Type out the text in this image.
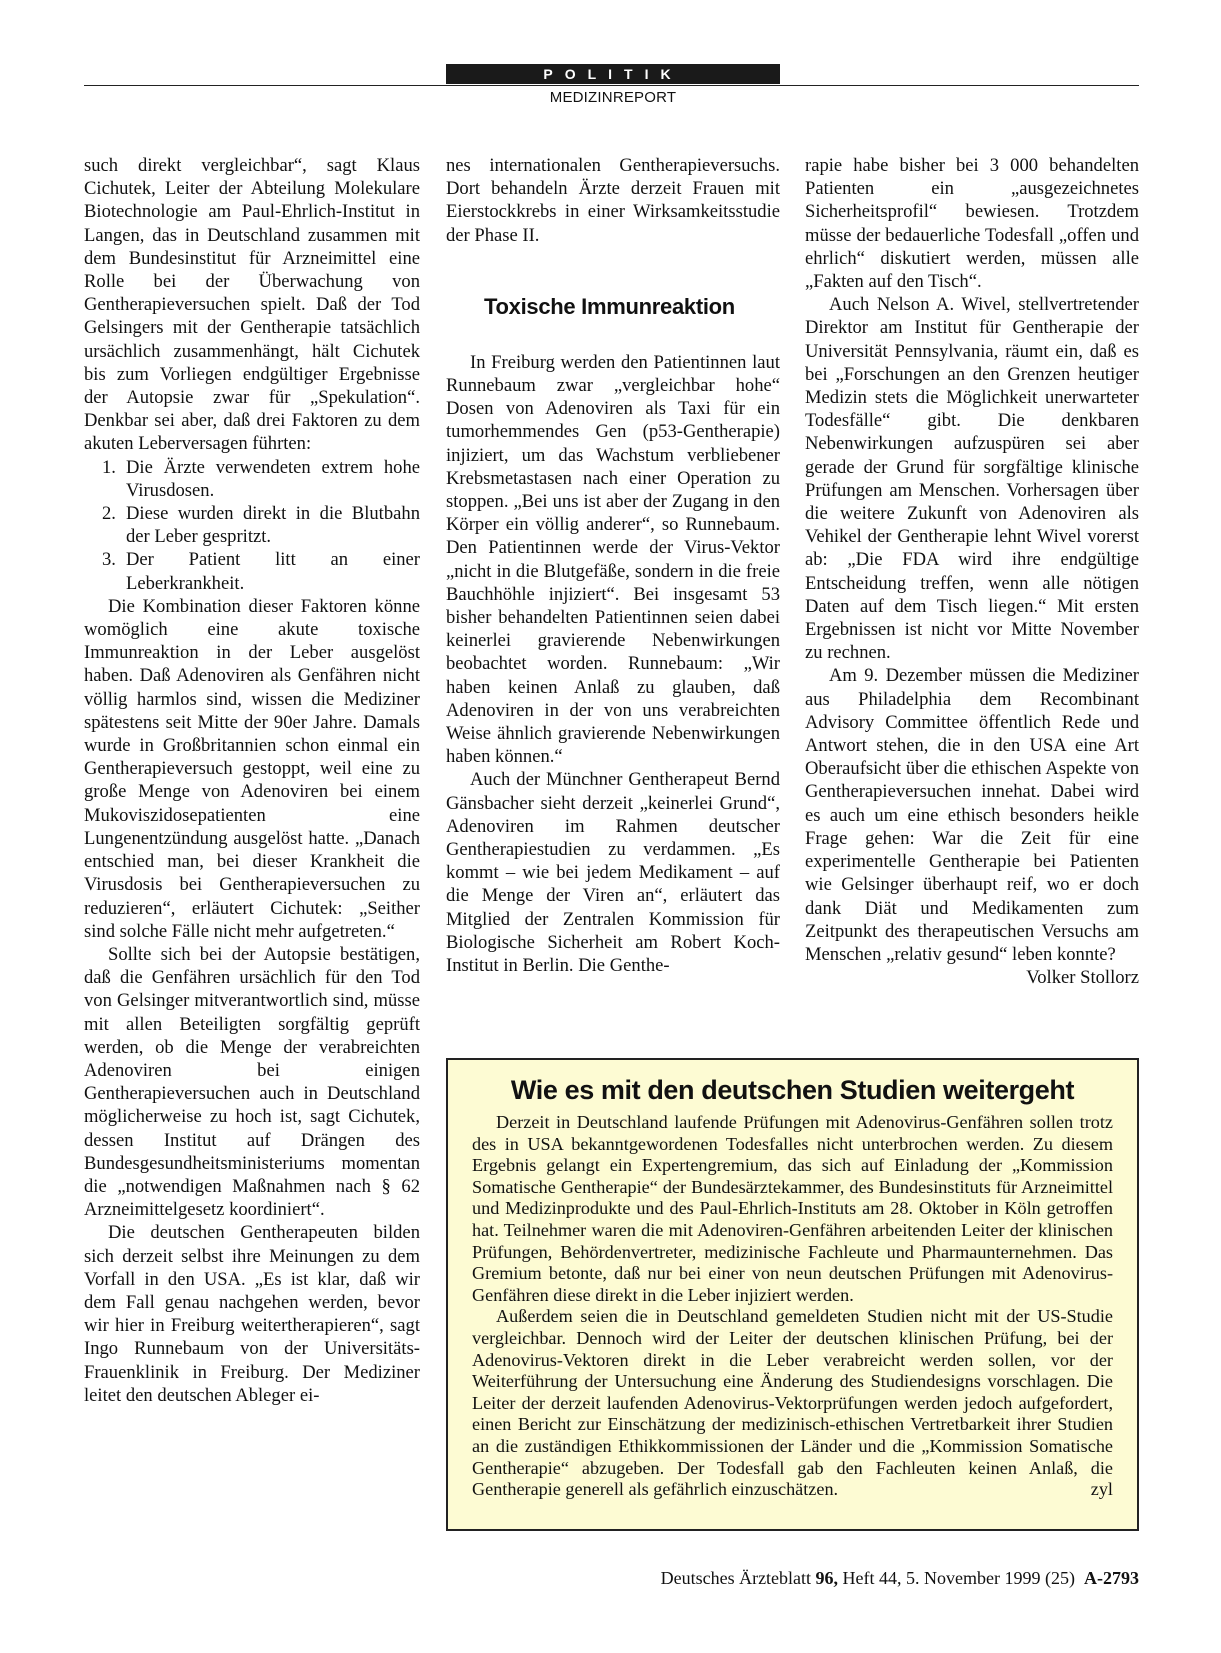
POLITIK
MEDIZINREPORT

such direkt vergleichbar“, sagt Klaus Cichutek, Leiter der Abteilung Molekulare Biotechnologie am Paul-Ehrlich-Institut in Langen, das in Deutschland zusammen mit dem Bundesinstitut für Arzneimittel eine Rolle bei der Überwachung von Gentherapieversuchen spielt. Daß der Tod Gelsingers mit der Gentherapie tatsächlich ursächlich zusammenhängt, hält Cichutek bis zum Vorliegen endgültiger Ergebnisse der Autopsie zwar für „Spekulation“. Denkbar sei aber, daß drei Faktoren zu dem akuten Leberversagen führten:

1. Die Ärzte verwendeten extrem hohe Virusdosen.
2. Diese wurden direkt in die Blutbahn der Leber gespritzt.
3. Der Patient litt an einer Leberkrankheit.

Die Kombination dieser Faktoren könne womöglich eine akute toxische Immunreaktion in der Leber ausgelöst haben. Daß Adenoviren als Genfähren nicht völlig harmlos sind, wissen die Mediziner spätestens seit Mitte der 90er Jahre. Damals wurde in Großbritannien schon einmal ein Gentherapieversuch gestoppt, weil eine zu große Menge von Adenoviren bei einem Mukoviszidosepatienten eine Lungenentzündung ausgelöst hatte. „Danach entschied man, bei dieser Krankheit die Virusdosis bei Gentherapieversuchen zu reduzieren“, erläutert Cichutek: „Seither sind solche Fälle nicht mehr aufgetreten.“

Sollte sich bei der Autopsie bestätigen, daß die Genfähren ursächlich für den Tod von Gelsinger mitverantwortlich sind, müsse mit allen Beteiligten sorgfältig geprüft werden, ob die Menge der verabreichten Adenoviren bei einigen Gentherapieversuchen auch in Deutschland möglicherweise zu hoch ist, sagt Cichutek, dessen Institut auf Drängen des Bundesgesundheitsministeriums momentan die „notwendigen Maßnahmen nach § 62 Arzneimittelgesetz koordiniert“.

Die deutschen Gentherapeuten bilden sich derzeit selbst ihre Meinungen zu dem Vorfall in den USA. „Es ist klar, daß wir dem Fall genau nachgehen werden, bevor wir hier in Freiburg weitertherapieren“, sagt Ingo Runnebaum von der Universitäts-Frauenklinik in Freiburg. Der Mediziner leitet den deutschen Ableger ei-

nes internationalen Gentherapieversuchs. Dort behandeln Ärzte derzeit Frauen mit Eierstockkrebs in einer Wirksamkeitsstudie der Phase II.

Toxische Immunreaktion

In Freiburg werden den Patientinnen laut Runnebaum zwar „vergleichbar hohe“ Dosen von Adenoviren als Taxi für ein tumorhemmendes Gen (p53-Gentherapie) injiziert, um das Wachstum verbliebener Krebsmetastasen nach einer Operation zu stoppen. „Bei uns ist aber der Zugang in den Körper ein völlig anderer“, so Runnebaum. Den Patientinnen werde der Virus-Vektor „nicht in die Blutgefäße, sondern in die freie Bauchhöhle injiziert“. Bei insgesamt 53 bisher behandelten Patientinnen seien dabei keinerlei gravierende Nebenwirkungen beobachtet worden. Runnebaum: „Wir haben keinen Anlaß zu glauben, daß Adenoviren in der von uns verabreichten Weise ähnlich gravierende Nebenwirkungen haben können.“

Auch der Münchner Gentherapeut Bernd Gänsbacher sieht derzeit „keinerlei Grund“, Adenoviren im Rahmen deutscher Gentherapiestudien zu verdammen. „Es kommt – wie bei jedem Medikament – auf die Menge der Viren an“, erläutert das Mitglied der Zentralen Kommission für Biologische Sicherheit am Robert Koch-Institut in Berlin. Die Genthe-

rapie habe bisher bei 3 000 behandelten Patienten ein „ausgezeichnetes Sicherheitsprofil“ bewiesen. Trotzdem müsse der bedauerliche Todesfall „offen und ehrlich“ diskutiert werden, müssen alle „Fakten auf den Tisch“.

Auch Nelson A. Wivel, stellvertretender Direktor am Institut für Gentherapie der Universität Pennsylvania, räumt ein, daß es bei „Forschungen an den Grenzen heutiger Medizin stets die Möglichkeit unerwarteter Todesfälle“ gibt. Die denkbaren Nebenwirkungen aufzuspüren sei aber gerade der Grund für sorgfältige klinische Prüfungen am Menschen. Vorhersagen über die weitere Zukunft von Adenoviren als Vehikel der Gentherapie lehnt Wivel vorerst ab: „Die FDA wird ihre endgültige Entscheidung treffen, wenn alle nötigen Daten auf dem Tisch liegen.“ Mit ersten Ergebnissen ist nicht vor Mitte November zu rechnen.

Am 9. Dezember müssen die Mediziner aus Philadelphia dem Recombinant Advisory Committee öffentlich Rede und Antwort stehen, die in den USA eine Art Oberaufsicht über die ethischen Aspekte von Gentherapieversuchen innehat. Dabei wird es auch um eine ethisch besonders heikle Frage gehen: War die Zeit für eine experimentelle Gentherapie bei Patienten wie Gelsinger überhaupt reif, wo er doch dank Diät und Medikamenten zum Zeitpunkt des therapeutischen Versuchs am Menschen „relativ gesund“ leben konnte?
Volker Stollorz

Wie es mit den deutschen Studien weitergeht

Derzeit in Deutschland laufende Prüfungen mit Adenovirus-Genfähren sollen trotz des in USA bekanntgewordenen Todesfalles nicht unterbrochen werden. Zu diesem Ergebnis gelangt ein Expertengremium, das sich auf Einladung der „Kommission Somatische Gentherapie“ der Bundesärztekammer, des Bundesinstituts für Arzneimittel und Medizinprodukte und des Paul-Ehrlich-Instituts am 28. Oktober in Köln getroffen hat. Teilnehmer waren die mit Adenoviren-Genfähren arbeitenden Leiter der klinischen Prüfungen, Behördenvertreter, medizinische Fachleute und Pharmaunternehmen. Das Gremium betonte, daß nur bei einer von neun deutschen Prüfungen mit Adenovirus-Genfähren diese direkt in die Leber injiziert werden.

Außerdem seien die in Deutschland gemeldeten Studien nicht mit der US-Studie vergleichbar. Dennoch wird der Leiter der deutschen klinischen Prüfung, bei der Adenovirus-Vektoren direkt in die Leber verabreicht werden sollen, vor der Weiterführung der Untersuchung eine Änderung des Studiendesigns vorschlagen. Die Leiter der derzeit laufenden Adenovirus-Vektorprüfungen werden jedoch aufgefordert, einen Bericht zur Einschätzung der medizinisch-ethischen Vertretbarkeit ihrer Studien an die zuständigen Ethikkommissionen der Länder und die „Kommission Somatische Gentherapie“ abzugeben. Der Todesfall gab den Fachleuten keinen Anlaß, die Gentherapie generell als gefährlich einzuschätzen.	zyl

Deutsches Ärzteblatt 96, Heft 44, 5. November 1999 (25) A-2793
